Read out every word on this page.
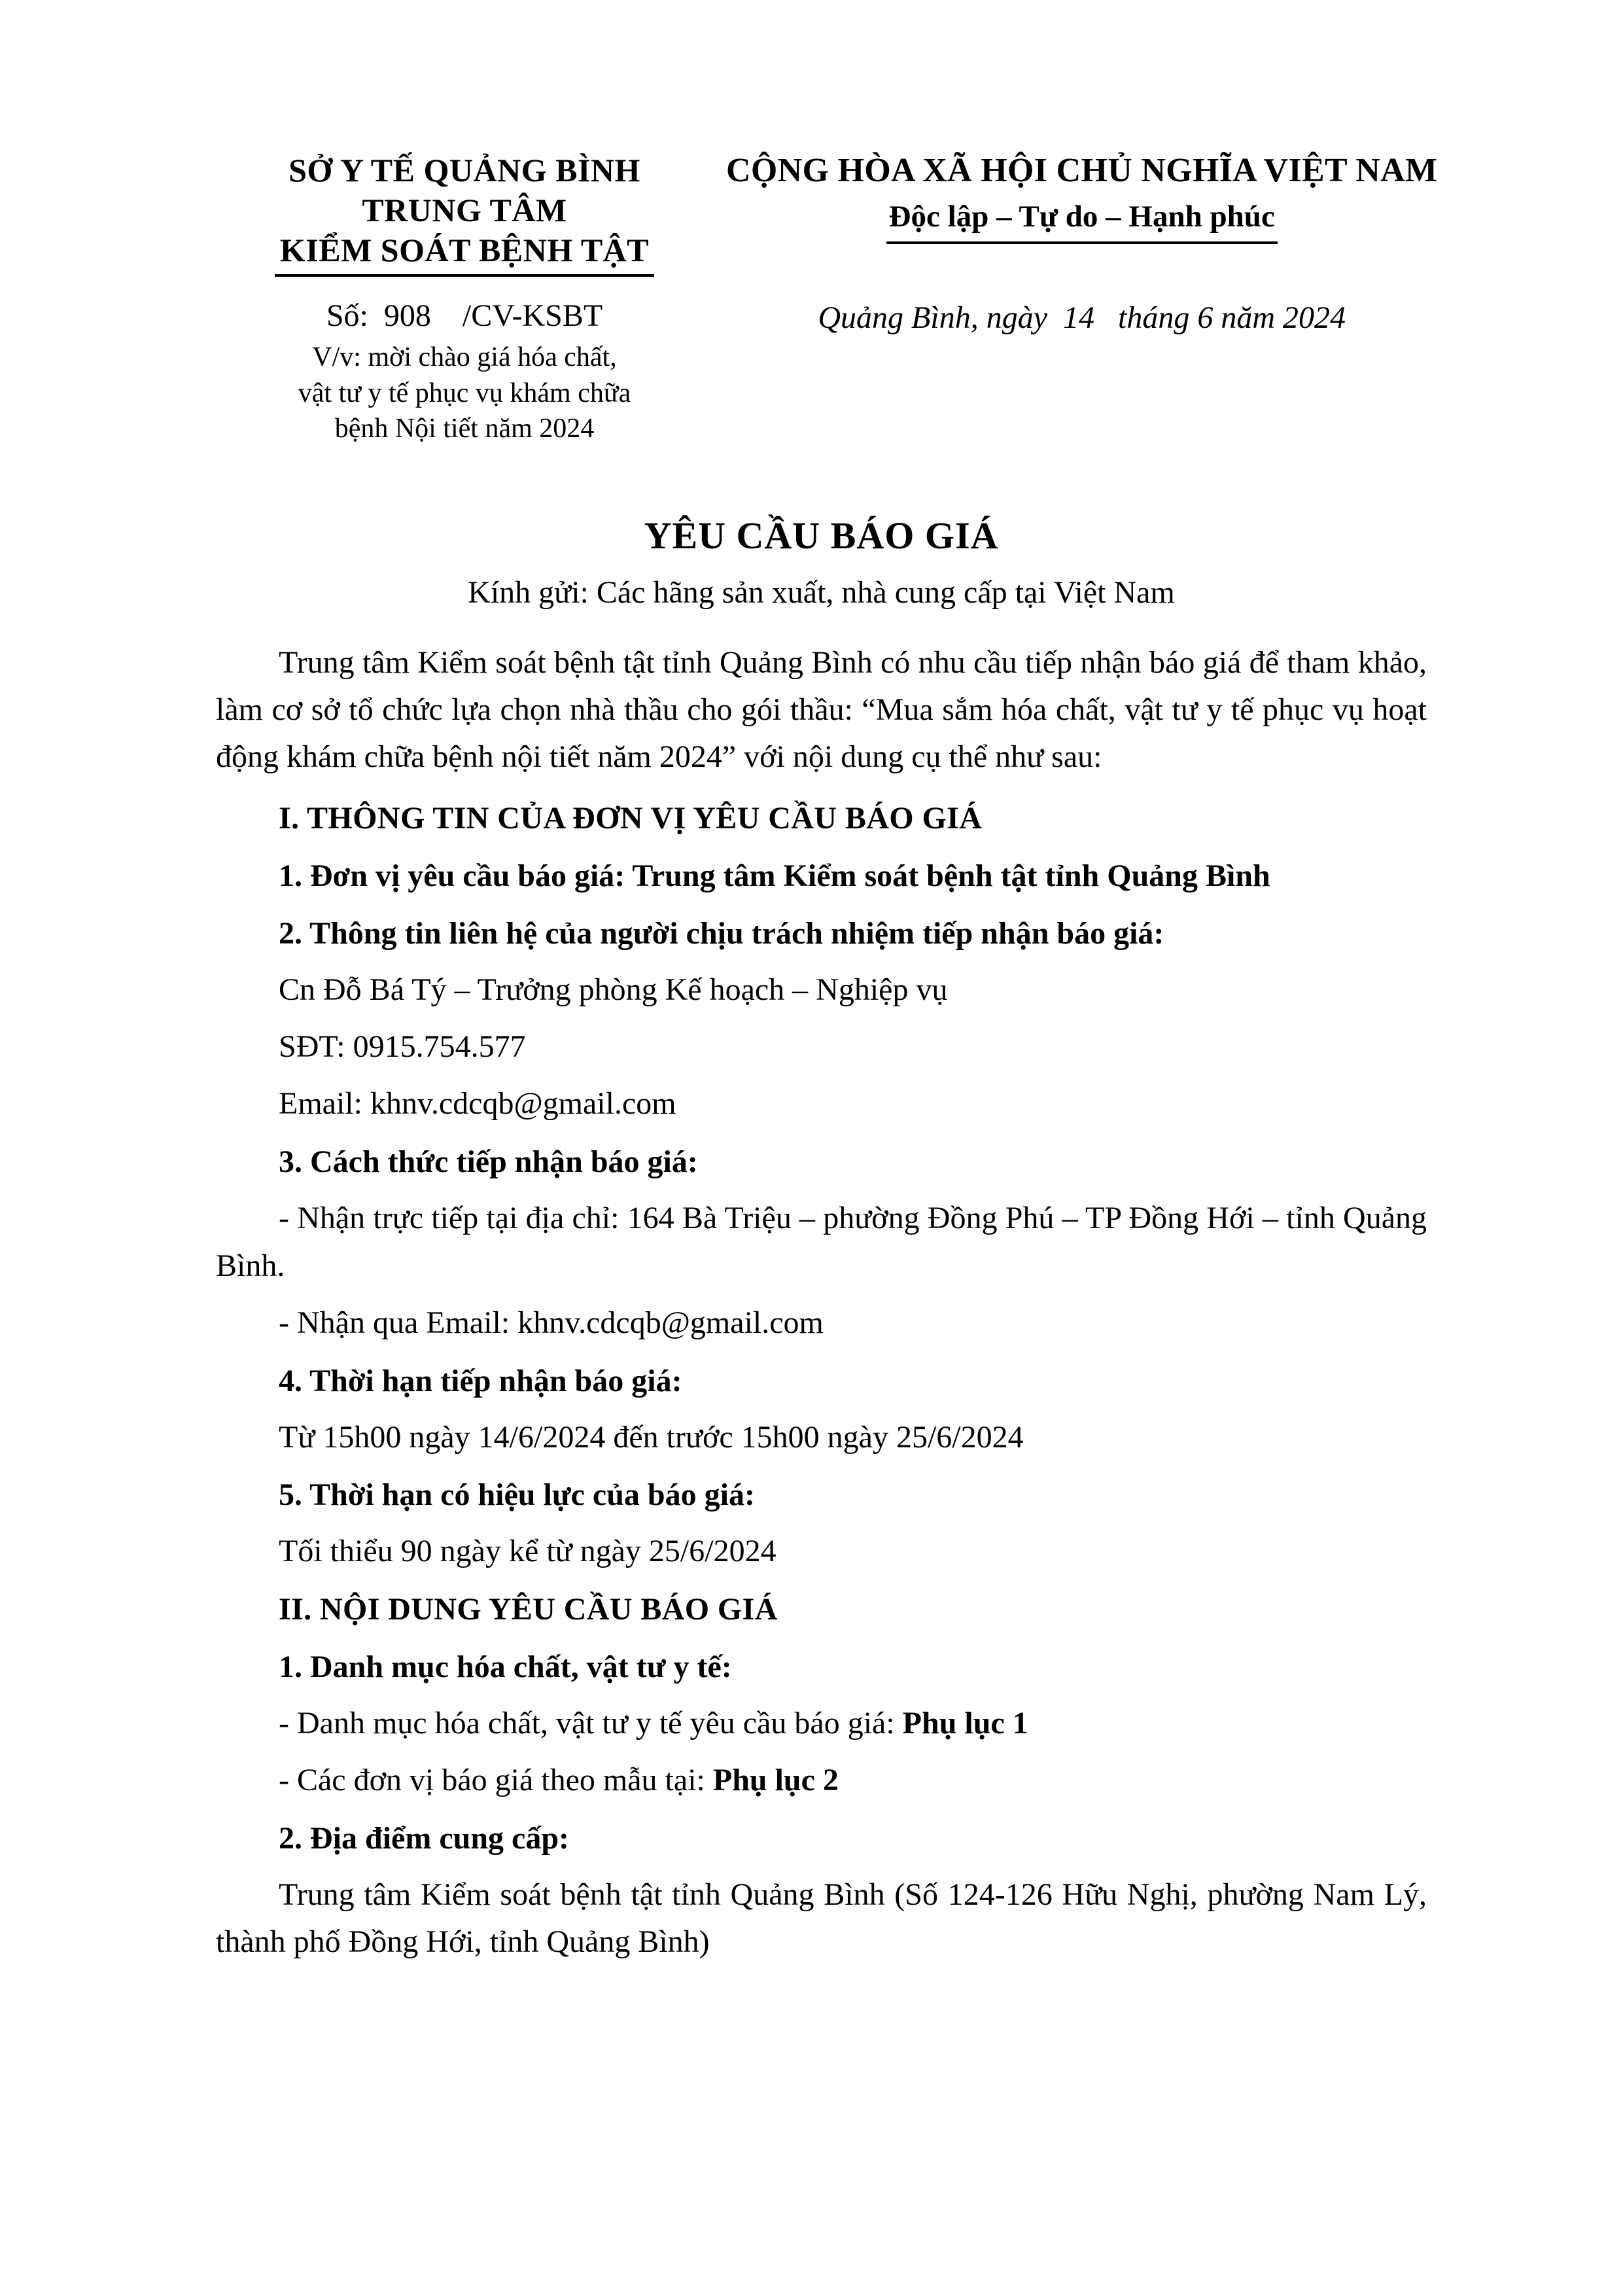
SỞ Y TẾ QUẢNG BÌNH
TRUNG TÂM
KIỂM SOÁT BỆNH TẬT
Số:  908    /CV-KSBT
V/v: mời chào giá hóa chất,
vật tư y tế phục vụ khám chữa
bệnh Nội tiết năm 2024
CỘNG HÒA XÃ HỘI CHỦ NGHĨA VIỆT NAM
Độc lập – Tự do – Hạnh phúc
Quảng Bình, ngày  14   tháng 6 năm 2024
YÊU CẦU BÁO GIÁ
Kính gửi: Các hãng sản xuất, nhà cung cấp tại Việt Nam

Trung tâm Kiểm soát bệnh tật tỉnh Quảng Bình có nhu cầu tiếp nhận báo giá để tham khảo, làm cơ sở tổ chức lựa chọn nhà thầu cho gói thầu: “Mua sắm hóa chất, vật tư y tế phục vụ hoạt động khám chữa bệnh nội tiết năm 2024” với nội dung cụ thể như sau:

I. THÔNG TIN CỦA ĐƠN VỊ YÊU CẦU BÁO GIÁ

1. Đơn vị yêu cầu báo giá: Trung tâm Kiểm soát bệnh tật tỉnh Quảng Bình

2. Thông tin liên hệ của người chịu trách nhiệm tiếp nhận báo giá:

Cn Đỗ Bá Tý – Trưởng phòng Kế hoạch – Nghiệp vụ

SĐT: 0915.754.577

Email: khnv.cdcqb@gmail.com

3. Cách thức tiếp nhận báo giá:

- Nhận trực tiếp tại địa chỉ: 164 Bà Triệu – phường Đồng Phú – TP Đồng Hới – tỉnh Quảng Bình.

- Nhận qua Email: khnv.cdcqb@gmail.com

4. Thời hạn tiếp nhận báo giá:

Từ 15h00 ngày 14/6/2024 đến trước 15h00 ngày 25/6/2024

5. Thời hạn có hiệu lực của báo giá:

Tối thiểu 90 ngày kể từ ngày 25/6/2024

II. NỘI DUNG YÊU CẦU BÁO GIÁ

1. Danh mục hóa chất, vật tư y tế:

- Danh mục hóa chất, vật tư y tế yêu cầu báo giá: Phụ lục 1

- Các đơn vị báo giá theo mẫu tại: Phụ lục 2

2. Địa điểm cung cấp:

Trung tâm Kiểm soát bệnh tật tỉnh Quảng Bình (Số 124-126 Hữu Nghị, phường Nam Lý, thành phố Đồng Hới, tỉnh Quảng Bình)
